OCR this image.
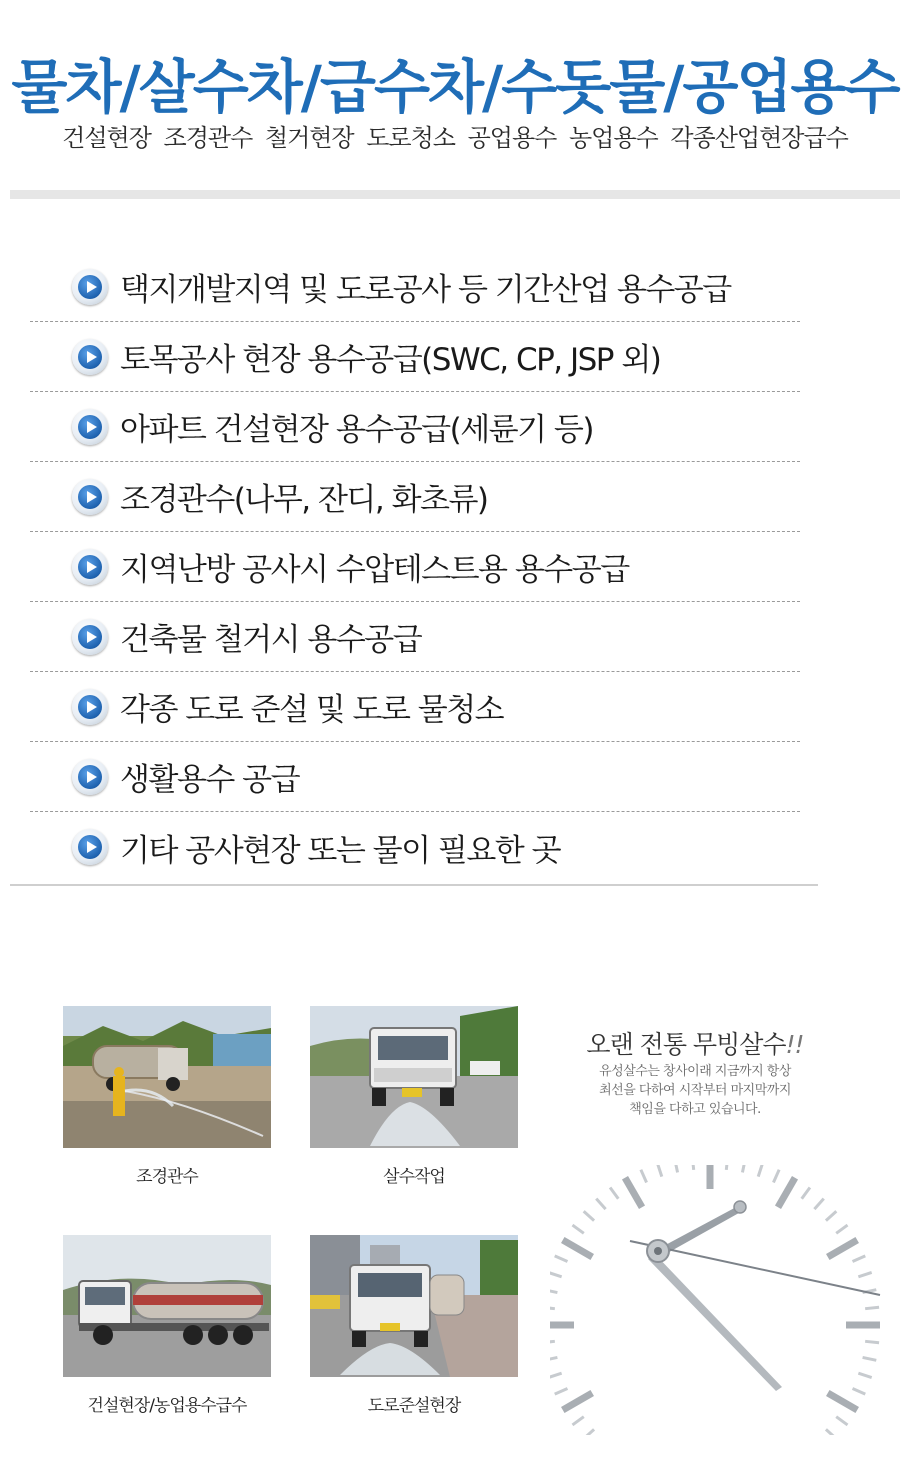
물차/살수차/급수차/수돗물/공업용수
건설현장 조경관수 철거현장 도로청소 공업용수 농업용수 각종산업현장급수
택지개발지역 및 도로공사 등 기간산업 용수공급
토목공사 현장 용수공급(SWC, CP, JSP 외)
아파트 건설현장 용수공급(세륜기 등)
조경관수(나무, 잔디, 화초류)
지역난방 공사시 수압테스트용 용수공급
건축물 철거시 용수공급
각종 도로 준설 및 도로 물청소
생활용수 공급
기타 공사현장 또는 물이 필요한 곳
조경관수	살수작업
건설현장/농업용수급수	도로준설현장
오랜 전통 무빙살수!!
유성살수는 창사이래 지금까지 항상
최선을 다하여 시작부터 마지막까지
책임을 다하고 있습니다.
